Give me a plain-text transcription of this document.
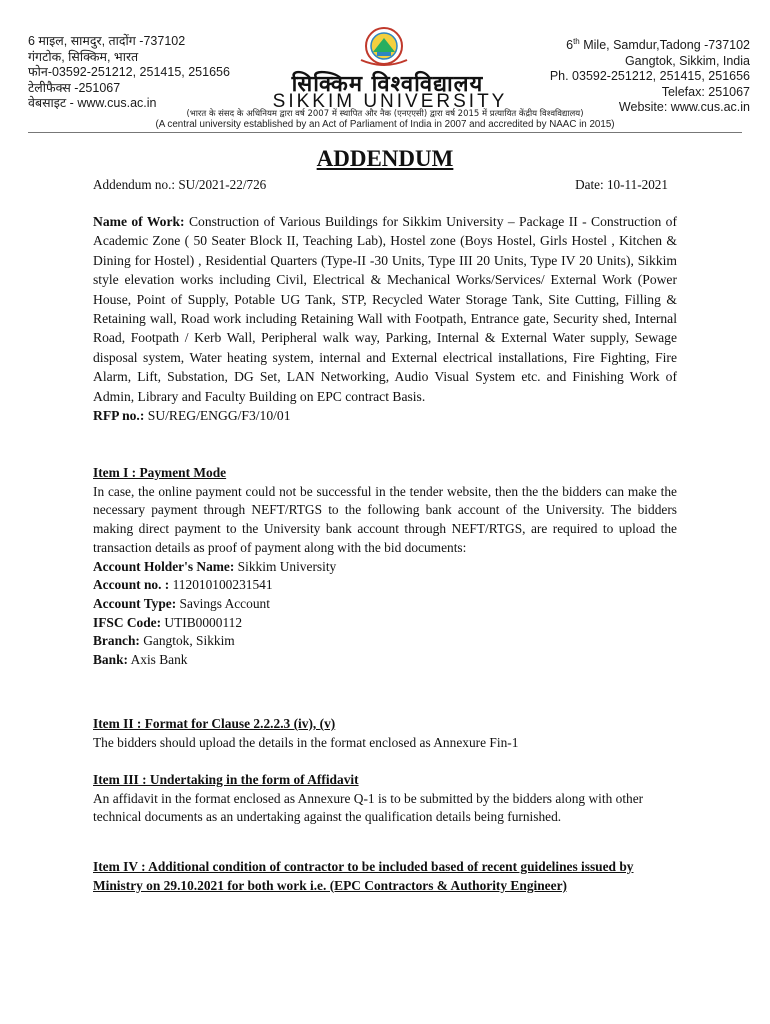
6 माइल, सामदुर, तादोंग -737102
गंगटोक, सिक्किम, भारत
फोन-03592-251212, 251415, 251656
टेलीफैक्स -251067
वेबसाइट - www.cus.ac.in
6th Mile, Samdur,Tadong -737102
Gangtok, Sikkim, India
Ph. 03592-251212, 251415, 251656
Telefax: 251067
Website: www.cus.ac.in
सिक्किम विश्वविद्यालय
SIKKIM UNIVERSITY
(भारत के संसद के अधिनियम द्वारा वर्ष 2007 में स्थापित और नैक (एनएएसी) द्वारा वर्ष 2015 में प्रत्यायित केंद्रीय विश्वविद्यालय)
(A central university established by an Act of Parliament of India in 2007 and accredited by NAAC in 2015)
ADDENDUM
Addendum no.: SU/2021-22/726	Date: 10-11-2021
Name of Work: Construction of Various Buildings for Sikkim University – Package II - Construction of Academic Zone ( 50 Seater Block II, Teaching Lab), Hostel zone (Boys Hostel, Girls Hostel , Kitchen & Dining for Hostel) , Residential Quarters (Type-II -30 Units, Type III 20 Units, Type IV 20 Units), Sikkim style elevation works including Civil, Electrical & Mechanical Works/Services/ External Work (Power House, Point of Supply, Potable UG Tank, STP, Recycled Water Storage Tank, Site Cutting, Filling & Retaining wall, Road work including Retaining Wall with Footpath, Entrance gate, Security shed, Internal Road, Footpath / Kerb Wall, Peripheral walk way, Parking, Internal & External Water supply, Sewage disposal system, Water heating system, internal and External electrical installations, Fire Fighting, Fire Alarm, Lift, Substation, DG Set, LAN Networking, Audio Visual System etc. and Finishing Work of Admin, Library and Faculty Building on EPC contract Basis.
RFP no.: SU/REG/ENGG/F3/10/01

Item I : Payment Mode

In case, the online payment could not be successful in the tender website, then the the bidders can make the necessary payment through NEFT/RTGS to the following bank account of the University. The bidders making direct payment to the University bank account through NEFT/RTGS, are required to upload the transaction details as proof of payment along with the bid documents:

Account Holder's Name: Sikkim University

Account no. : 112010100231541

Account Type: Savings Account

IFSC Code: UTIB0000112

Branch: Gangtok, Sikkim

Bank: Axis Bank

Item II : Format for Clause 2.2.2.3 (iv), (v)

The bidders should upload the details in the format enclosed as Annexure Fin-1

Item III : Undertaking in the form of Affidavit

An affidavit in the format enclosed as Annexure Q-1 is to be submitted by the bidders along with other technical documents as an undertaking against the qualification details being furnished.

Item IV : Additional condition of contractor to be included based of recent guidelines issued by Ministry on 29.10.2021 for both work i.e. (EPC Contractors & Authority Engineer)
